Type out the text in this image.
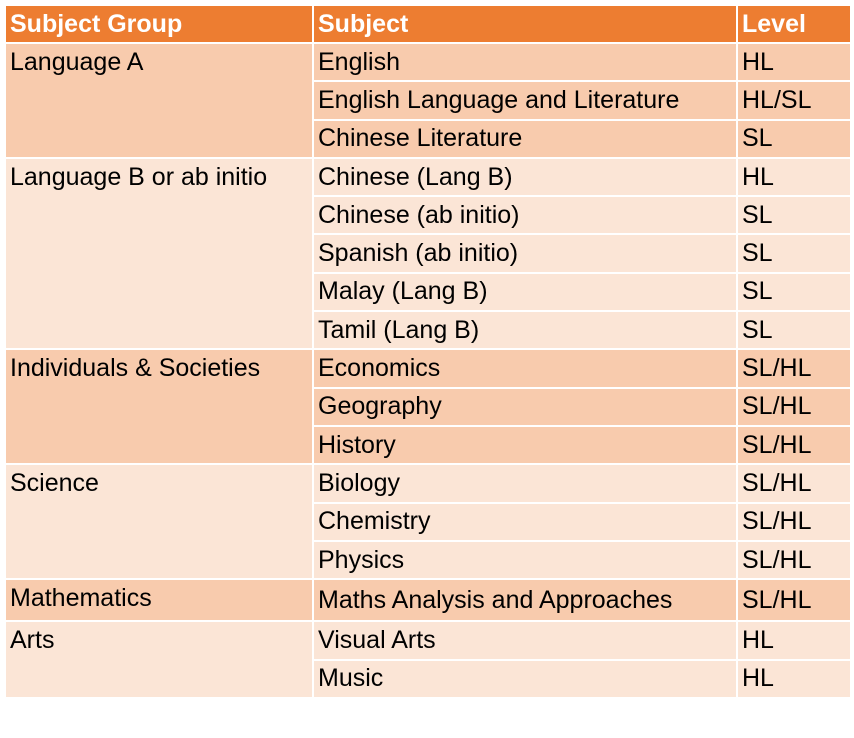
Subject Group	Subject	Level
Language A	English	HL
	English Language and Literature	HL/SL
	Chinese Literature	SL
Language B or ab initio	Chinese (Lang B)	HL
	Chinese (ab initio)	SL
	Spanish (ab initio)	SL
	Malay (Lang B)	SL
	Tamil (Lang B)	SL
Individuals & Societies	Economics	SL/HL
	Geography	SL/HL
	History	SL/HL
Science	Biology	SL/HL
	Chemistry	SL/HL
	Physics	SL/HL
Mathematics	Maths Analysis and Approaches	SL/HL
Arts	Visual Arts	HL
	Music	HL
